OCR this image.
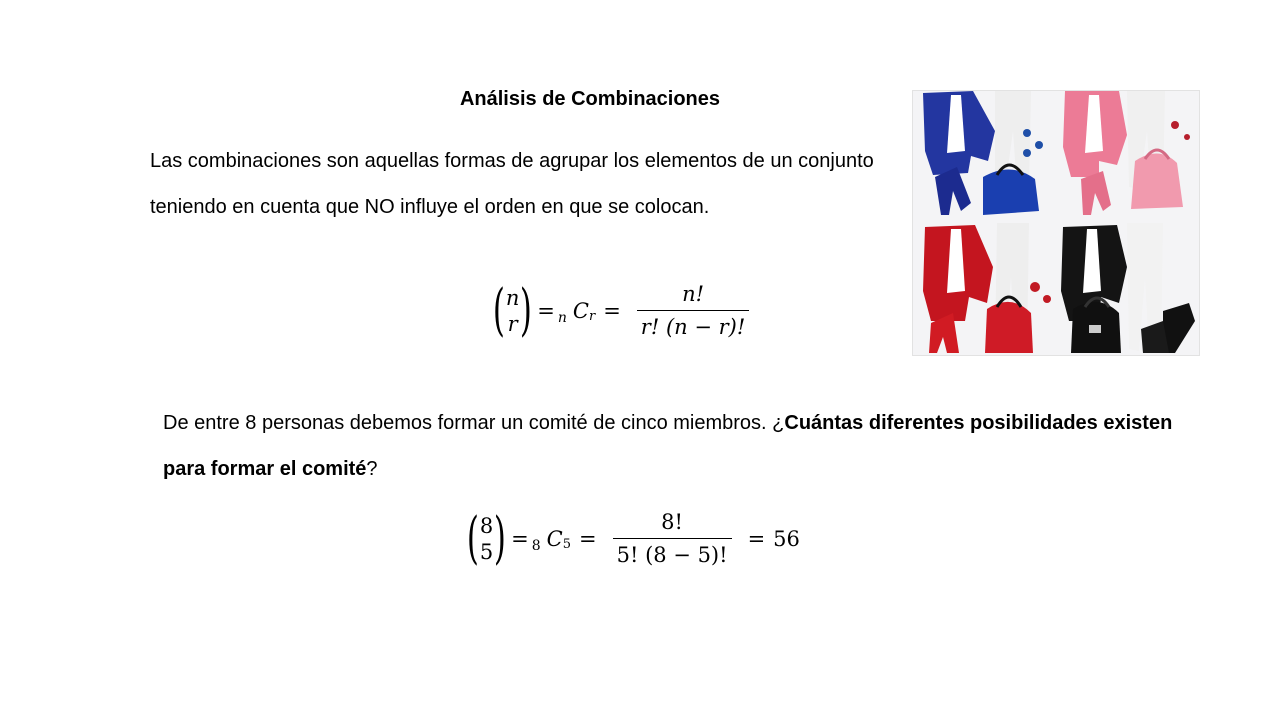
Análisis de Combinaciones
Las combinaciones son aquellas formas de agrupar los elementos de un conjunto teniendo en cuenta que NO influye el orden en que se colocan.
( n
r ) = n C $r = \frac{n!}{r! (n - r)!}$
De entre 8 personas debemos formar un comité de cinco miembros. ¿Cuántas diferentes posibilidades existen para formar el comité?
( 8
5 ) = 8 C $5 = \frac{8!}{5! (8 - 5)!} = 56$
